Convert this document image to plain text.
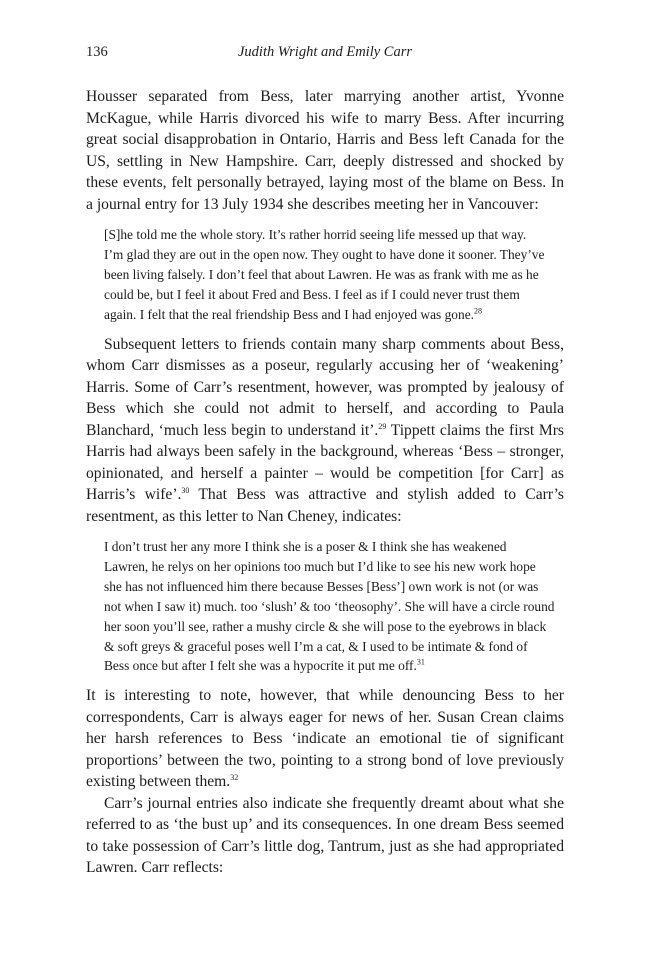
136	Judith Wright and Emily Carr

Housser separated from Bess, later marrying another artist, Yvonne McKague, while Harris divorced his wife to marry Bess. After incurring great social disapprobation in Ontario, Harris and Bess left Canada for the US, settling in New Hampshire. Carr, deeply distressed and shocked by these events, felt personally betrayed, laying most of the blame on Bess. In a journal entry for 13 July 1934 she describes meeting her in Vancouver:

[S]he told me the whole story. It’s rather horrid seeing life messed up that way.
I’m glad they are out in the open now. They ought to have done it sooner. They’ve
been living falsely. I don’t feel that about Lawren. He was as frank with me as he
could be, but I feel it about Fred and Bess. I feel as if I could never trust them
again. I felt that the real friendship Bess and I had enjoyed was gone.$^{28}$

Subsequent letters to friends contain many sharp comments about Bess, whom Carr dismisses as a poseur, regularly accusing her of ‘weakening’ Harris. Some of Carr’s resentment, however, was prompted by jealousy of Bess which she could not admit to herself, and according to Paula Blanchard, ‘much less begin to understand it’.$^{29}$ Tippett claims the first Mrs Harris had always been safely in the background, whereas ‘Bess – stronger, opinionated, and herself a painter – would be competition [for Carr] as Harris’s wife’.$^{30}$ That Bess was attractive and stylish added to Carr’s resentment, as this letter to Nan Cheney, indicates:

I don’t trust her any more I think she is a poser & I think she has weakened
Lawren, he relys on her opinions too much but I’d like to see his new work hope
she has not influenced him there because Besses [Bess’] own work is not (or was
not when I saw it) much. too ‘slush’ & too ‘theosophy’. She will have a circle round
her soon you’ll see, rather a mushy circle & she will pose to the eyebrows in black
& soft greys & graceful poses well I’m a cat, & I used to be intimate & fond of
Bess once but after I felt she was a hypocrite it put me off.$^{31}$

It is interesting to note, however, that while denouncing Bess to her correspondents, Carr is always eager for news of her. Susan Crean claims her harsh references to Bess ‘indicate an emotional tie of significant proportions’ between the two, pointing to a strong bond of love previously existing between them.$^{32}$

Carr’s journal entries also indicate she frequently dreamt about what she referred to as ‘the bust up’ and its consequences. In one dream Bess seemed to take possession of Carr’s little dog, Tantrum, just as she had appropriated Lawren. Carr reflects:
